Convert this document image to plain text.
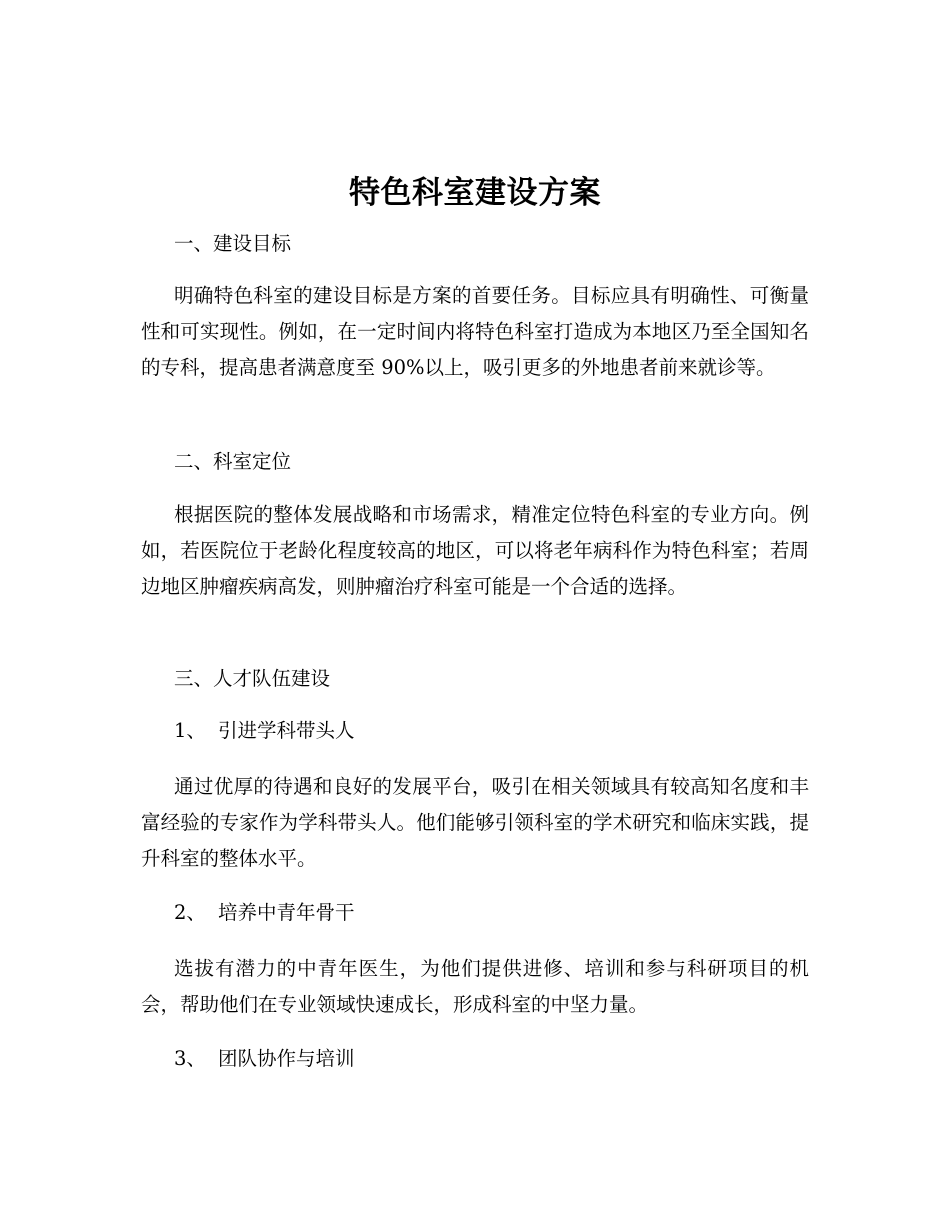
特色科室建设方案
一、建设目标
明确特色科室的建设目标是方案的首要任务。目标应具有明确性、可衡量性和可实现性。例如，在一定时间内将特色科室打造成为本地区乃至全国知名的专科，提高患者满意度至 90%以上，吸引更多的外地患者前来就诊等。
二、科室定位
根据医院的整体发展战略和市场需求，精准定位特色科室的专业方向。例如，若医院位于老龄化程度较高的地区，可以将老年病科作为特色科室；若周边地区肿瘤疾病高发，则肿瘤治疗科室可能是一个合适的选择。
三、人才队伍建设
1、 引进学科带头人
通过优厚的待遇和良好的发展平台，吸引在相关领域具有较高知名度和丰富经验的专家作为学科带头人。他们能够引领科室的学术研究和临床实践，提升科室的整体水平。
2、 培养中青年骨干
选拔有潜力的中青年医生，为他们提供进修、培训和参与科研项目的机会，帮助他们在专业领域快速成长，形成科室的中坚力量。
3、 团队协作与培训
